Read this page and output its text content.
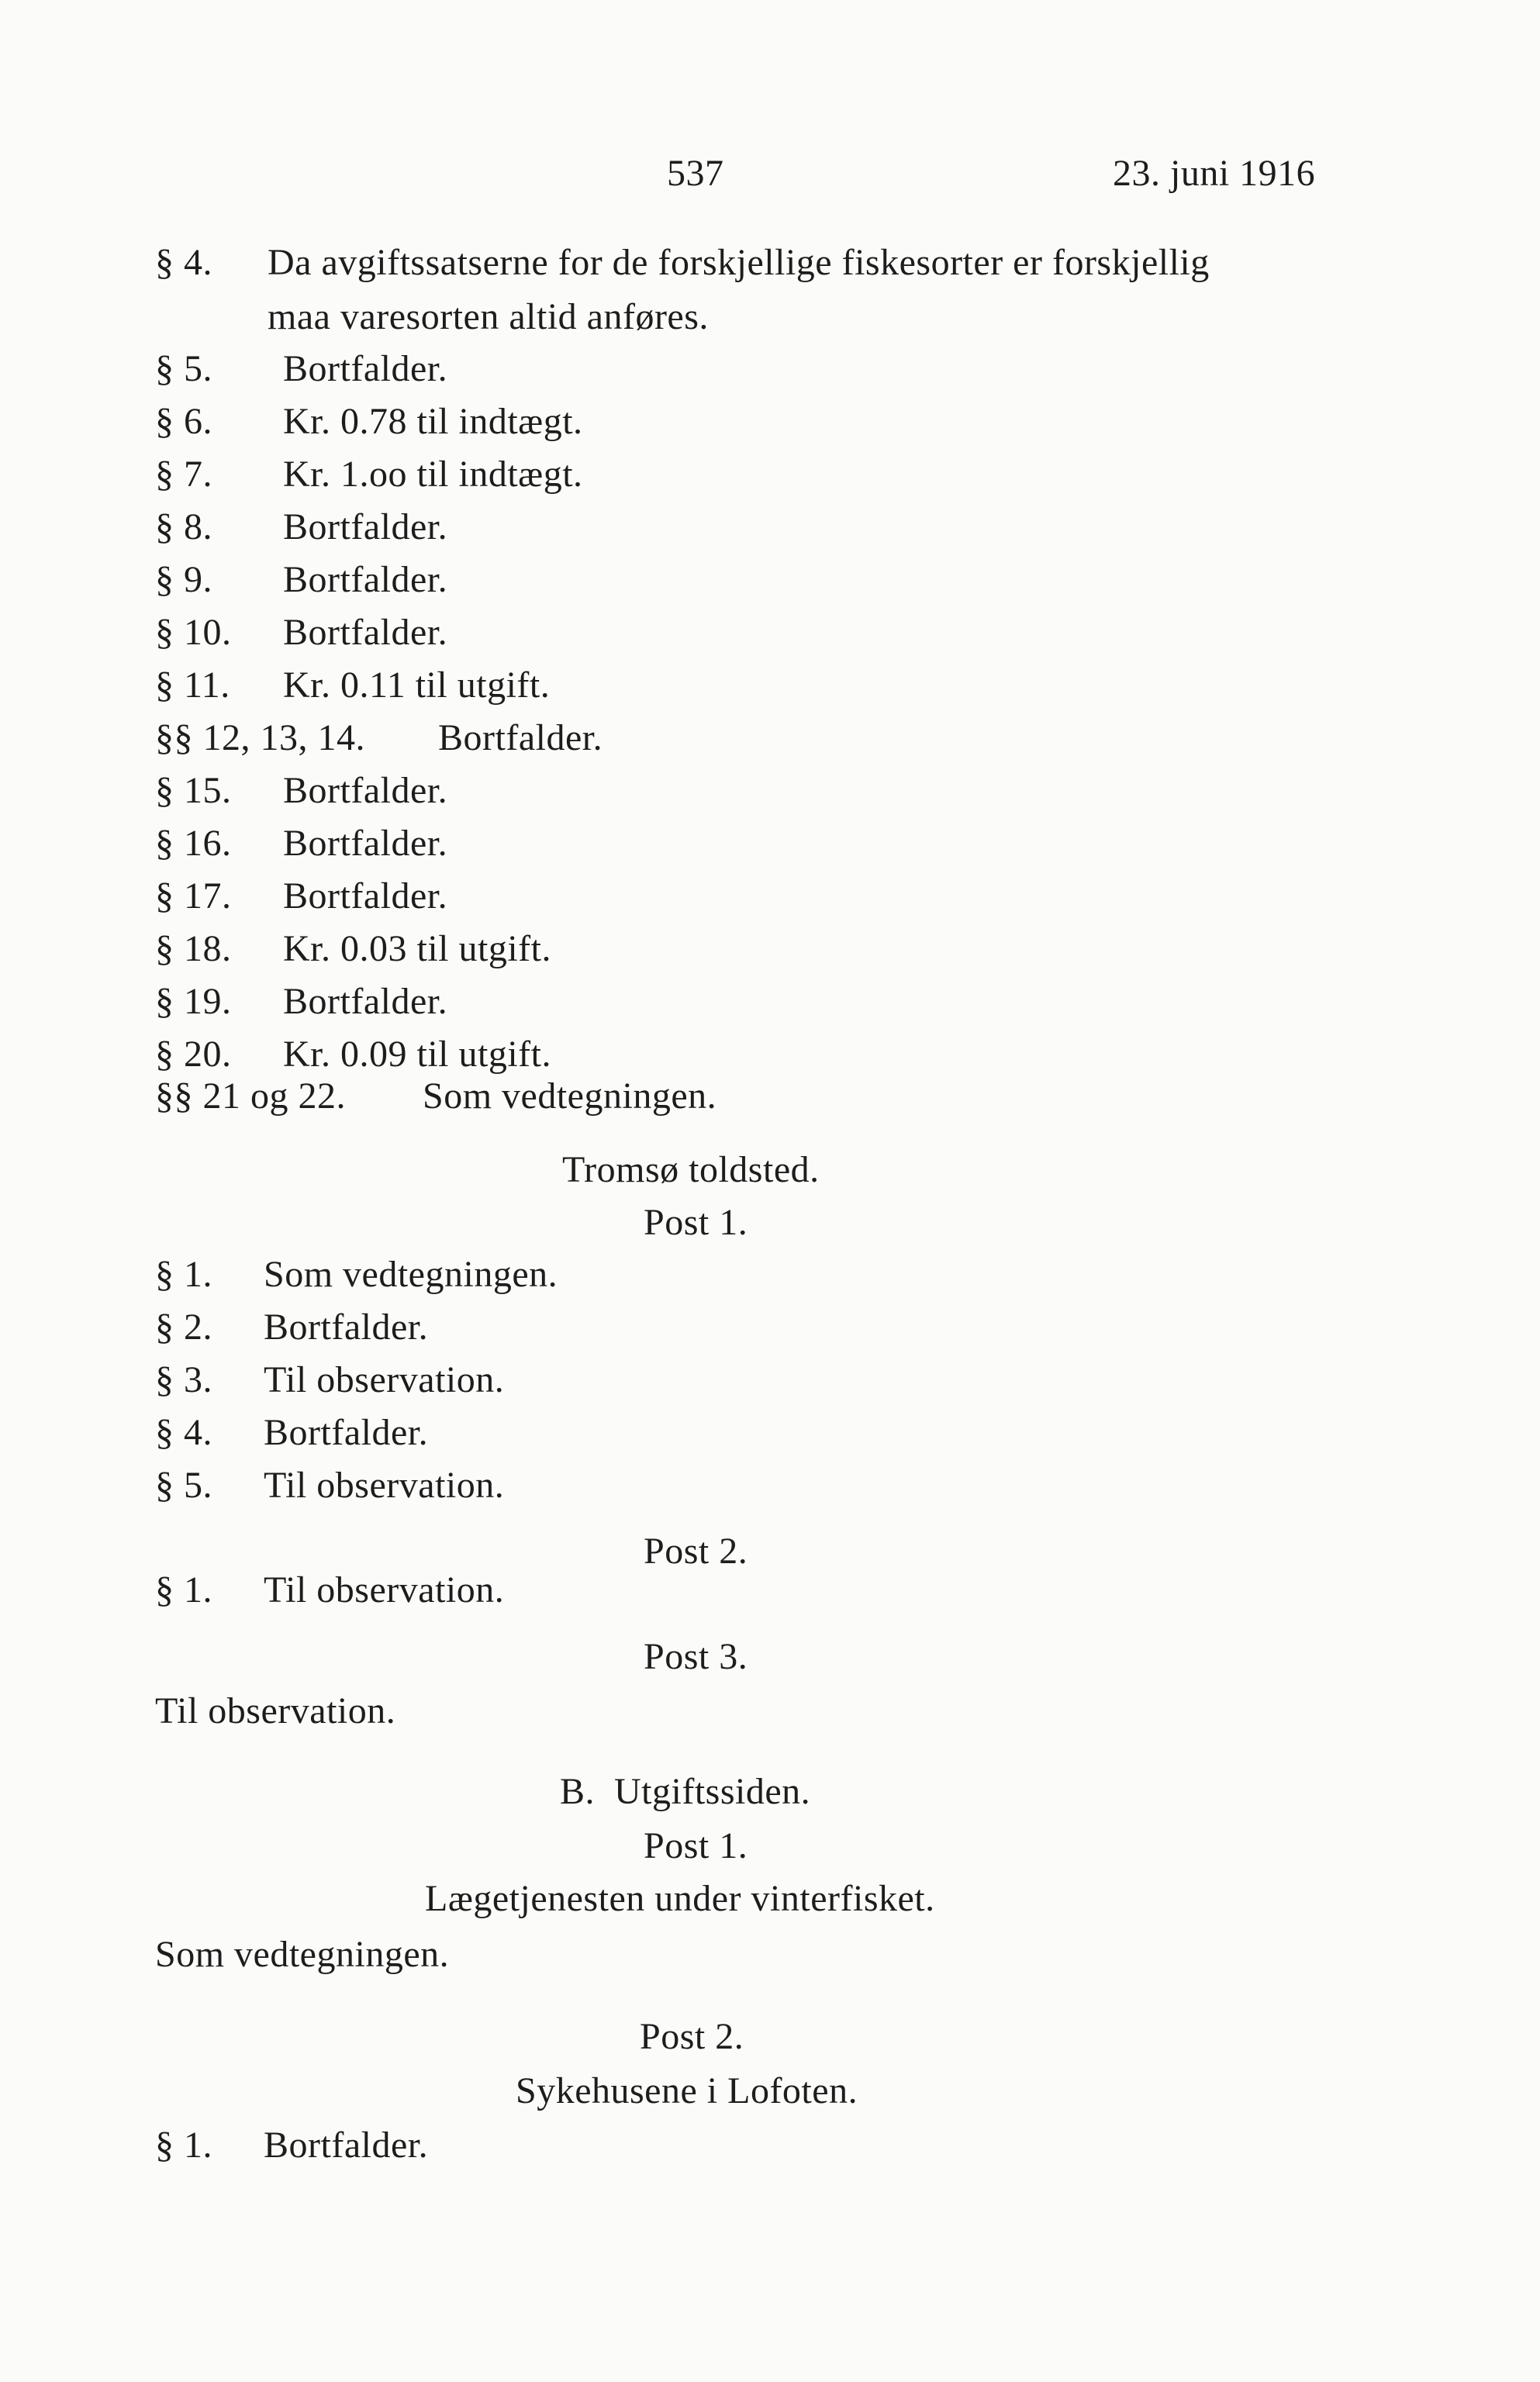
537	23. juni 1916
§ 4. Da avgiftssatserne for de forskjellige fiskesorter er forskjellig
maa varesorten altid anføres.
§ 5. Bortfalder.
§ 6. Kr. 0.78 til indtægt.
§ 7. Kr. 1.oo til indtægt.
§ 8. Bortfalder.
§ 9. Bortfalder.
§ 10. Bortfalder.
§ 11. Kr. 0.11 til utgift.
§§ 12, 13, 14. Bortfalder.
§ 15. Bortfalder.
§ 16. Bortfalder.
§ 17. Bortfalder.
§ 18. Kr. 0.03 til utgift.
§ 19. Bortfalder.
§ 20. Kr. 0.09 til utgift.
§§ 21 og 22. Som vedtegningen.
Tromsø toldsted.
Post 1.
§ 1. Som vedtegningen.
§ 2. Bortfalder.
§ 3. Til observation.
§ 4. Bortfalder.
§ 5. Til observation.
Post 2.
§ 1. Til observation.
Post 3.
Til observation.
B.  Utgiftssiden.
Post 1.
Lægetjenesten under vinterfisket.
Som vedtegningen.
Post 2.
Sykehusene i Lofoten.
§ 1. Bortfalder.
